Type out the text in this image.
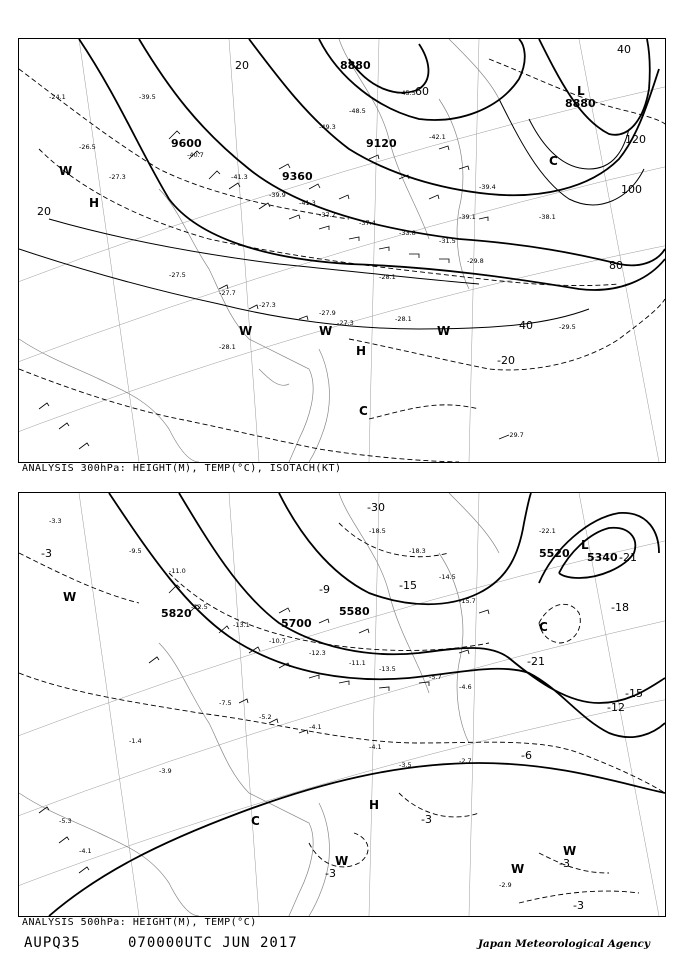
-40.7
-41.3
-39.9
-41.3
-37.7
-37.4
-33.8
-31.5
-29.8
-27.5
-27.7
-27.3
-27.9
-28.1
-39.1
-39.4
-49.3
-48.5
-45.5
-42.1
-39.5
-26.5
-27.3
-24.1
-29.5
-28.1
-38.1
8880
8880
9120
9360
9600
20
40
60
80
100
120
20
40
-20
-29.7
-27.3	-28.1
H
H
L
C
C
W
W	W	W
ANALYSIS 300hPa: HEIGHT(M), TEMP(°C), ISOTACH(KT)
-12.5
-13.1
-10.7
-12.3
-11.1
-13.5
-5.7
-4.6
-7.5
-5.2
-4.1
-4.1
-3.5	-2.7
-14.5
-15.7
-18.5
-18.3
-9.5
-11.0
-3.3
-5.3
-4.1
-22.1
-1.4
-3.9
-2.9
5340
5520
5580
5700
5820
-3
-3
-3
-3
-3
-6
-9
-12
-15
-15
-18
-21
-21
-30
H
L
C
C
W
W
W
W
ANALYSIS 500hPa: HEIGHT(M), TEMP(°C)
AUPQ35	070000UTC JUN 2017	Japan Meteorological Agency
